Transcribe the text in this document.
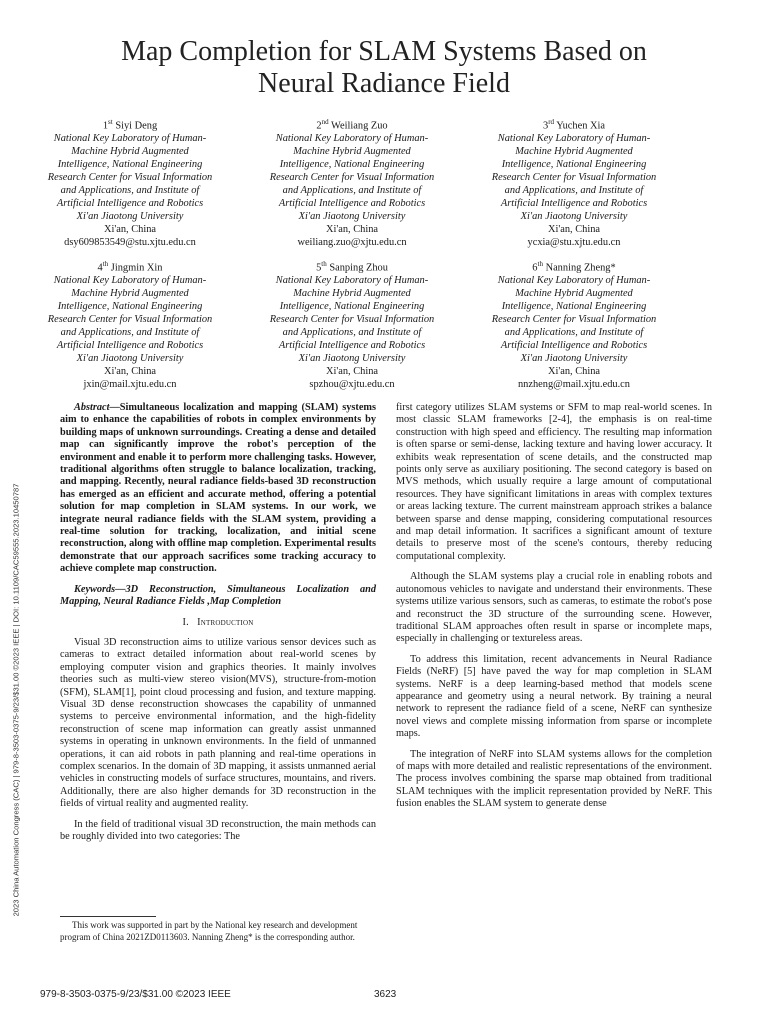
Map Completion for SLAM Systems Based on
Neural Radiance Field
1st Siyi Deng
National Key Laboratory of Human-
Machine Hybrid Augmented
Intelligence, National Engineering
Research Center for Visual Information
and Applications, and Institute of
Artificial Intelligence and Robotics
Xi'an Jiaotong University
Xi'an, China
dsy609853549@stu.xjtu.edu.cn
2nd Weiliang Zuo
National Key Laboratory of Human-
Machine Hybrid Augmented
Intelligence, National Engineering
Research Center for Visual Information
and Applications, and Institute of
Artificial Intelligence and Robotics
Xi'an Jiaotong University
Xi'an, China
weiliang.zuo@xjtu.edu.cn
3rd Yuchen Xia
National Key Laboratory of Human-
Machine Hybrid Augmented
Intelligence, National Engineering
Research Center for Visual Information
and Applications, and Institute of
Artificial Intelligence and Robotics
Xi'an Jiaotong University
Xi'an, China
ycxia@stu.xjtu.edu.cn
4th Jingmin Xin
National Key Laboratory of Human-
Machine Hybrid Augmented
Intelligence, National Engineering
Research Center for Visual Information
and Applications, and Institute of
Artificial Intelligence and Robotics
Xi'an Jiaotong University
Xi'an, China
jxin@mail.xjtu.edu.cn
5th Sanping Zhou
National Key Laboratory of Human-
Machine Hybrid Augmented
Intelligence, National Engineering
Research Center for Visual Information
and Applications, and Institute of
Artificial Intelligence and Robotics
Xi'an Jiaotong University
Xi'an, China
spzhou@xjtu.edu.cn
6th Nanning Zheng*
National Key Laboratory of Human-
Machine Hybrid Augmented
Intelligence, National Engineering
Research Center for Visual Information
and Applications, and Institute of
Artificial Intelligence and Robotics
Xi'an Jiaotong University
Xi'an, China
nnzheng@mail.xjtu.edu.cn
2023 China Automation Congress (CAC) | 979-8-3503-0375-9/23/$31.00 ©2023 IEEE | DOI: 10.1109/CAC59555.2023.10450787

Abstract—Simultaneous localization and mapping (SLAM) systems aim to enhance the capabilities of robots in complex environments by building maps of unknown surroundings. Creating a dense and detailed map can significantly improve the robot's perception of the environment and enable it to perform more challenging tasks. However, traditional algorithms often struggle to balance localization, tracking, and mapping. Recently, neural radiance fields-based 3D reconstruction has emerged as an efficient and accurate method, offering a potential solution for map completion in SLAM systems. In our work, we integrate neural radiance fields with the SLAM system, providing a real-time solution for tracking, localization, and initial scene reconstruction, along with offline map completion. Experimental results demonstrate that our approach sacrifices some tracking accuracy to achieve complete map construction.

Keywords—3D Reconstruction, Simultaneous Localization and Mapping, Neural Radiance Fields ,Map Completion

I. Introduction

Visual 3D reconstruction aims to utilize various sensor devices such as cameras to extract detailed information about real-world scenes by employing computer vision and graphics theories. It mainly involves theories such as multi-view stereo vision(MVS), structure-from-motion (SFM), SLAM[1], point cloud processing and fusion, and texture mapping. Visual 3D dense reconstruction showcases the capability of unmanned systems to perceive environmental information, and the high-fidelity reconstruction of scene map information can greatly assist unmanned systems in operating in unknown environments. In the field of unmanned operations, it can aid robots in path planning and real-time operations in complex scenarios. In the domain of 3D mapping, it assists unmanned aerial vehicles in constructing models of surface structures, mountains, and rivers. Additionally, there are also higher demands for 3D reconstruction in the fields of virtual reality and augmented reality.

In the field of traditional visual 3D reconstruction, the main methods can be roughly divided into two categories: The

first category utilizes SLAM systems or SFM to map real-world scenes. In most classic SLAM frameworks [2-4], the emphasis is on real-time construction with high speed and efficiency. The resulting map information is often sparse or semi-dense, lacking texture and having lower accuracy. It exhibits weak representation of scene details, and the constructed map points only serve as auxiliary positioning. The second category is based on MVS methods, which usually require a large amount of computational resources. They have significant limitations in areas with complex textures or areas lacking texture. The current mainstream approach strikes a balance between sparse and dense mapping, considering computational resources and map detail information. It sacrifices a significant amount of texture details to preserve most of the scene's contours, thereby reducing computational complexity.

Although the SLAM systems play a crucial role in enabling robots and autonomous vehicles to navigate and understand their environments. These systems utilize various sensors, such as cameras, to estimate the robot's pose and reconstruct the 3D structure of the surrounding scene. However, traditional SLAM approaches often result in sparse or incomplete maps, especially in challenging or textureless areas.

To address this limitation, recent advancements in Neural Radiance Fields (NeRF) [5] have paved the way for map completion in SLAM systems. NeRF is a deep learning-based method that models scene appearance and geometry using a neural network. By training a neural network to represent the radiance field of a scene, NeRF can synthesize novel views and complete missing information from sparse or incomplete maps.

The integration of NeRF into SLAM systems allows for the completion of maps with more detailed and realistic representations of the environment. The process involves combining the sparse map obtained from traditional SLAM techniques with the implicit representation provided by NeRF. This fusion enables the SLAM system to generate dense

This work was supported in part by the National key research and development program of China 2021ZD0113603. Nanning Zheng* is the corresponding author.
979-8-3503-0375-9/23/$31.00 ©2023 IEEE	3623
